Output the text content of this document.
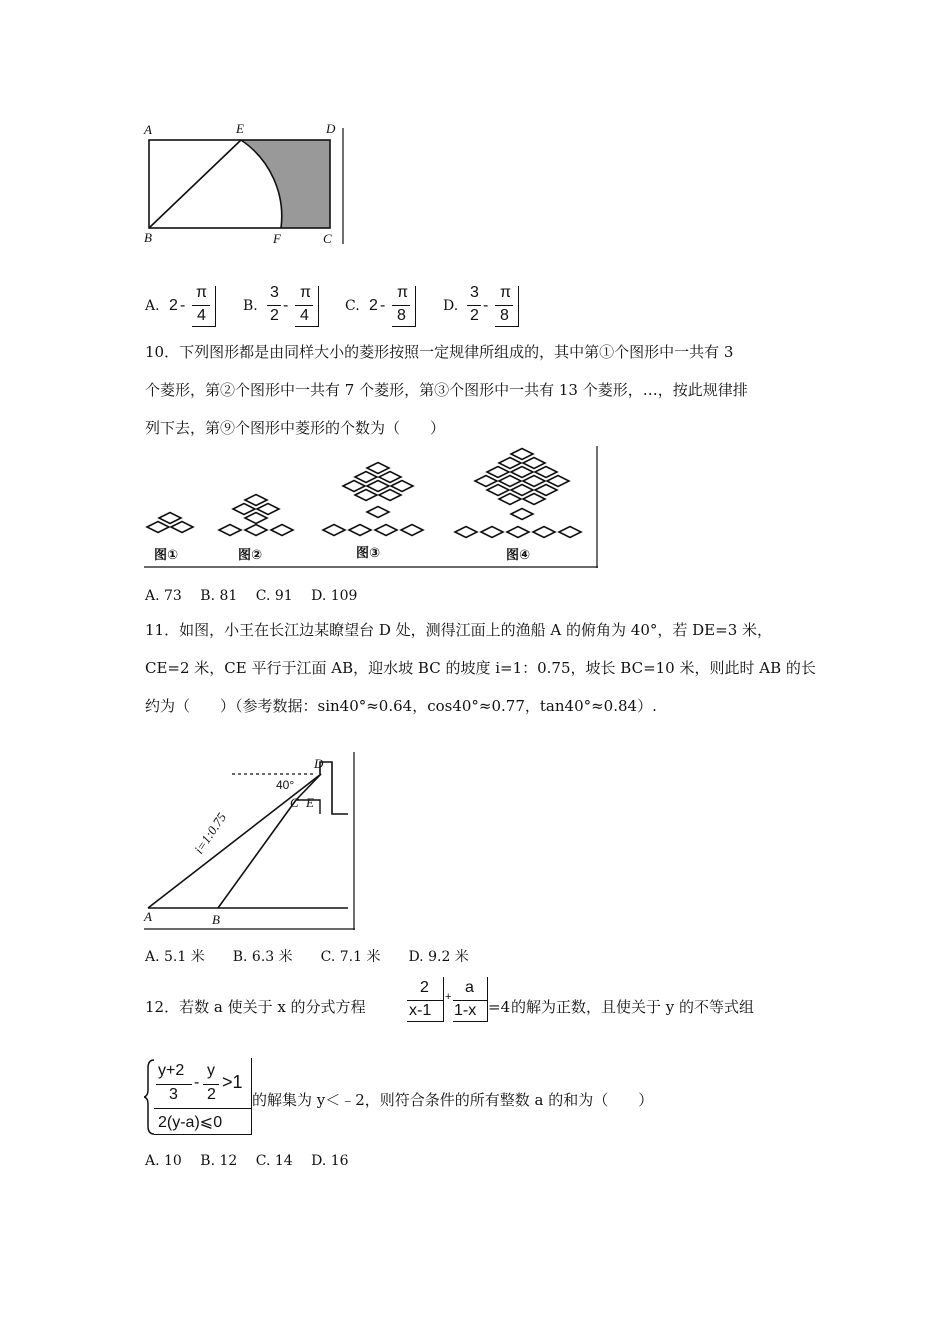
A	E	D
B	F	C
A. 2 -
π
4
B.
3
2
-
π
4
C. 2 -
π
8
D.
3
2
-
π
8
10．下列图形都是由同样大小的菱形按照一定规律所组成的，其中第①个图形中一共有 3
个菱形，第②个图形中一共有 7 个菱形，第③个图形中一共有 13 个菱形，…，按此规律排
列下去，第⑨个图形中菱形的个数为（　　）
图①	图②	图③	图④
A. 73　 B. 81　 C. 91　 D. 109
11．如图，小王在长江边某瞭望台 D 处，测得江面上的渔船 A 的俯角为 40°，若 DE=3 米，
CE=2 米，CE 平行于江面 AB，迎水坡 BC 的坡度 i=1：0.75，坡长 BC=10 米，则此时 AB 的长
约为（　　）（参考数据：sin40°≈0.64，cos40°≈0.77，tan40°≈0.84）.
D
40°
C E
i=1:0.75
A	B
A. 5.1 米　　B. 6.3 米　　C. 7.1 米　　D. 9.2 米
12．若数 a 使关于 x 的分式方程
2
x-1
+
a
1-x =4 的解为正数，且使关于 y 的不等式组
y+2
3
-
y
2
>1
2(y-a)⩽0
的解集为 y＜﹣2，则符合条件的所有整数 a 的和为（　　）
A. 10　 B. 12　 C. 14　 D. 16
